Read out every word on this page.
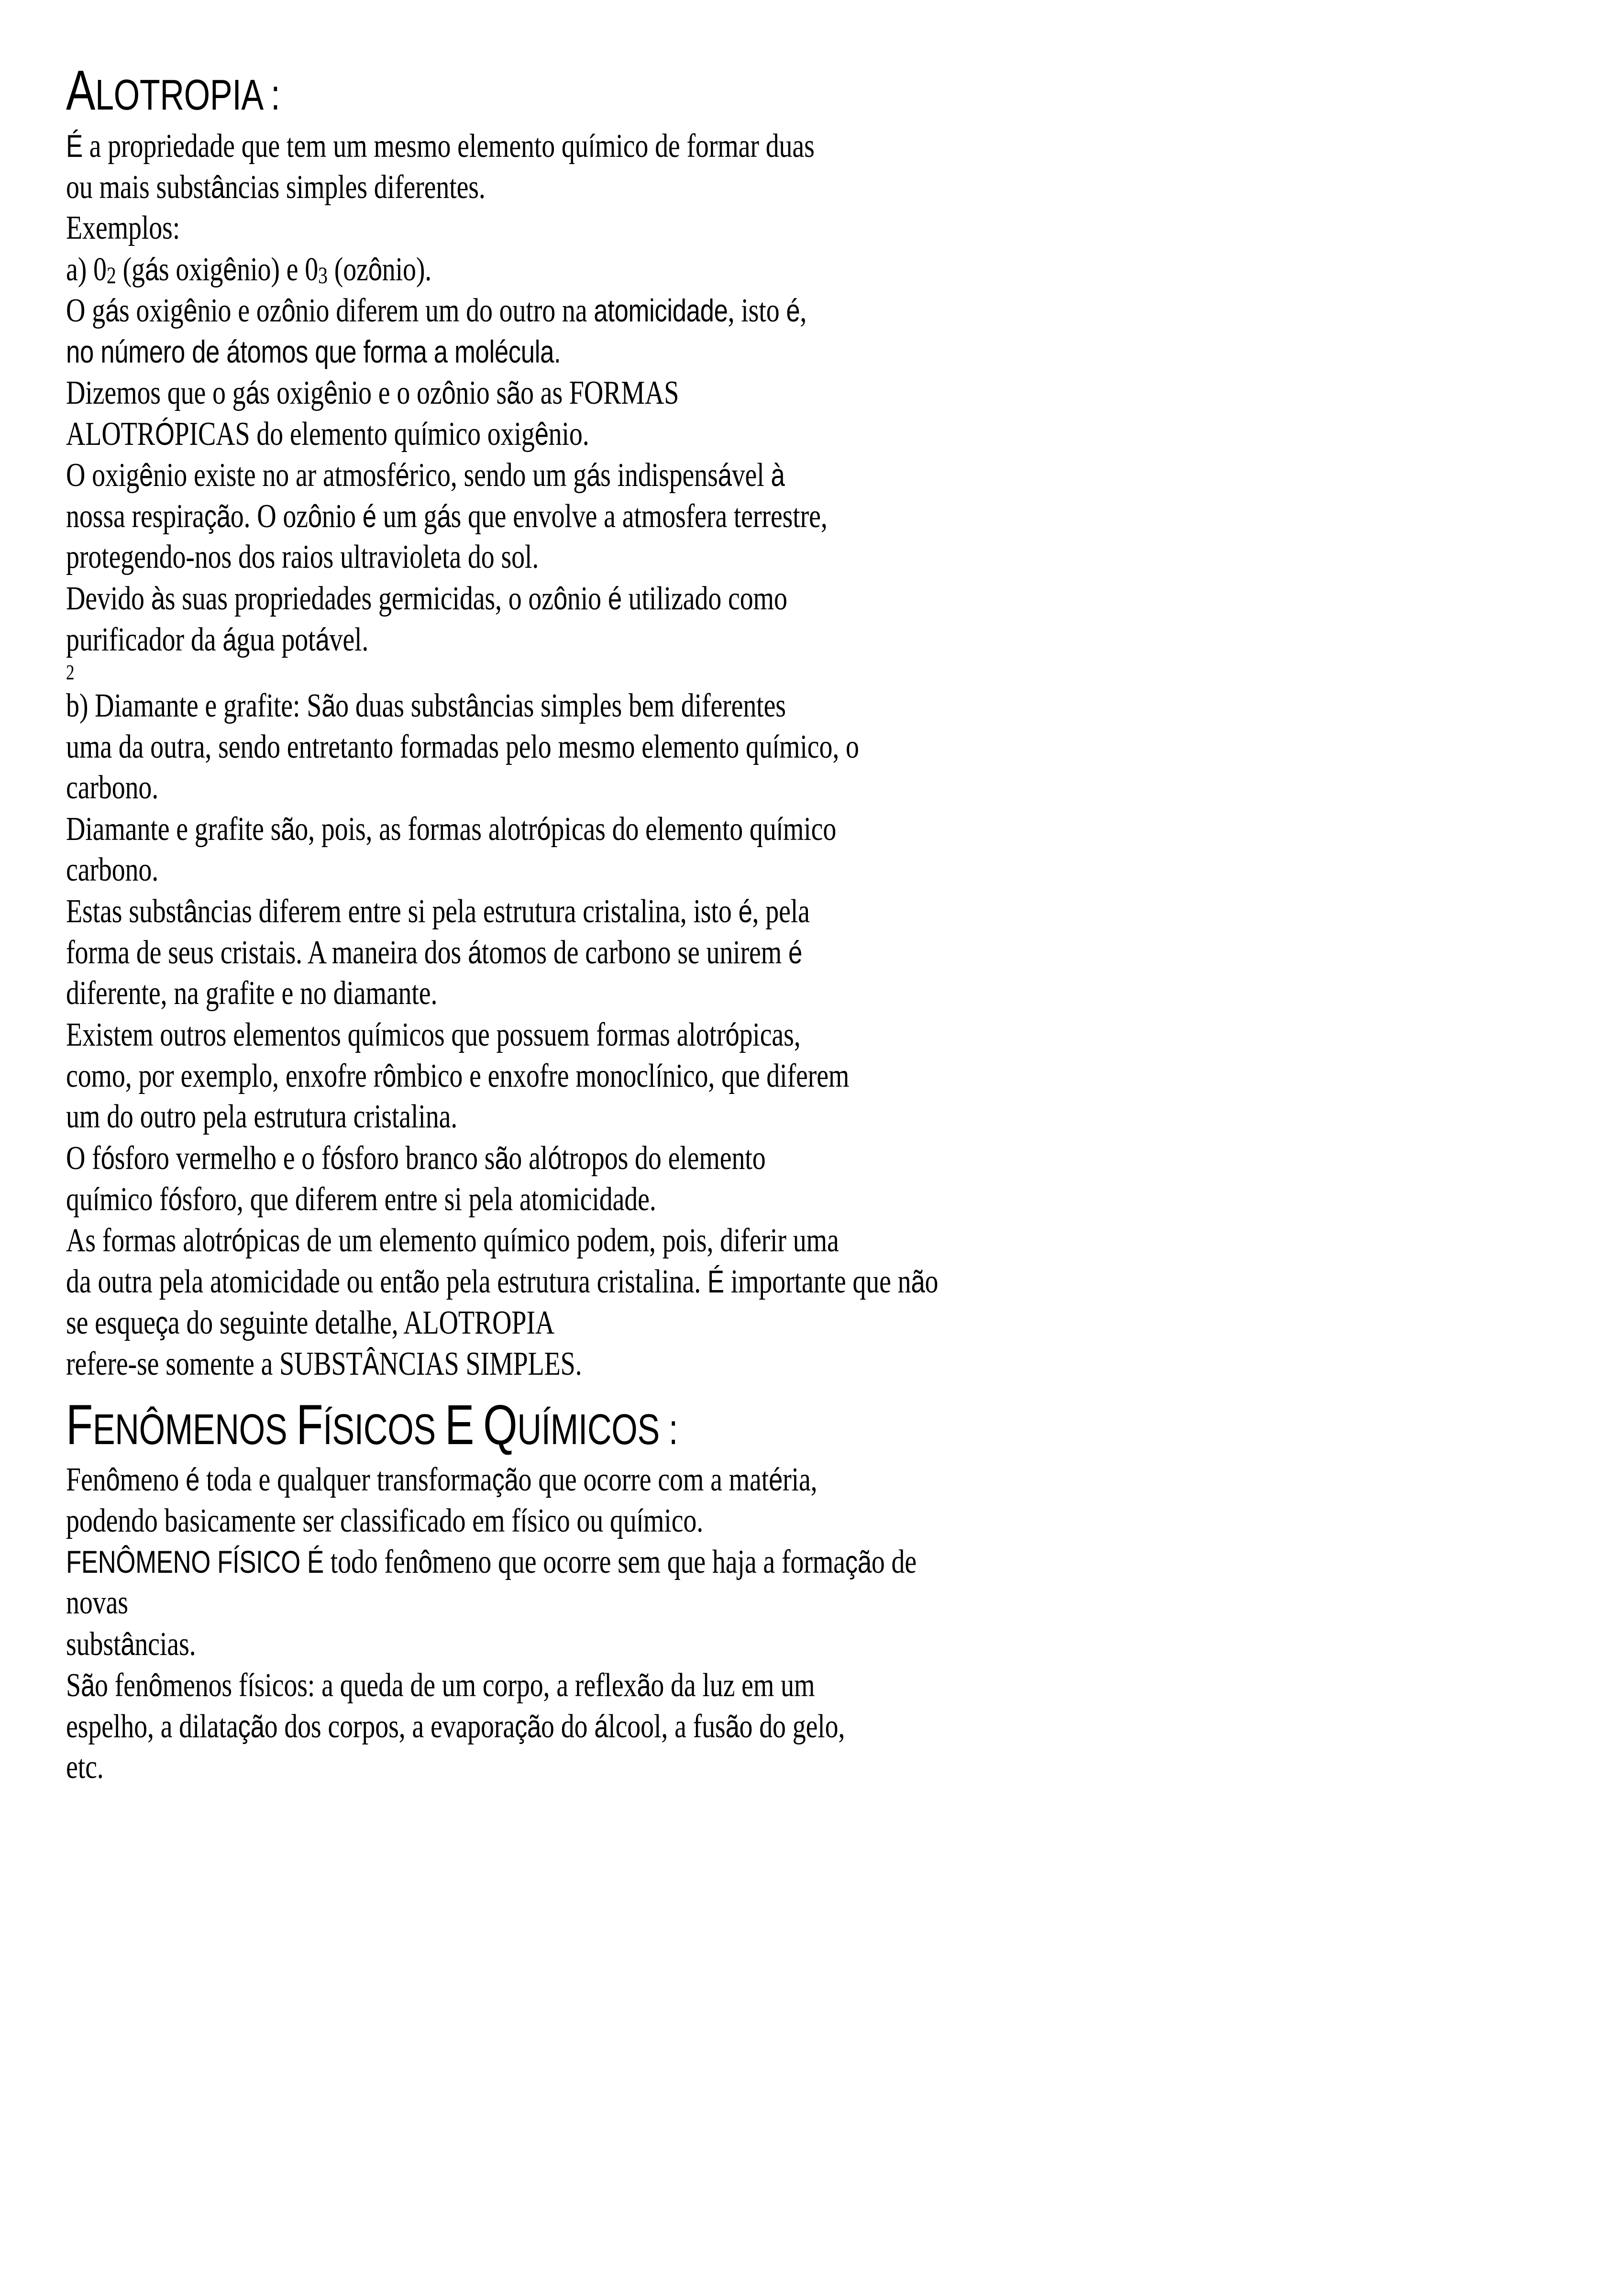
ALOTROPIA :

É a propriedade que tem um mesmo elemento químico de formar duas

ou mais substâncias simples diferentes.

Exemplos:

a) 02 (gás oxigênio) e 03 (ozônio).

O gás oxigênio e ozônio diferem um do outro na atomicidade, isto é,

no número de átomos que forma a molécula.

Dizemos que o gás oxigênio e o ozônio são as FORMAS

ALOTRÓPICAS do elemento químico oxigênio.

O oxigênio existe no ar atmosférico, sendo um gás indispensável à

nossa respiração. O ozônio é um gás que envolve a atmosfera terrestre,

protegendo-nos dos raios ultravioleta do sol.

Devido às suas propriedades germicidas, o ozônio é utilizado como

purificador da água potável.

2

b) Diamante e grafite: São duas substâncias simples bem diferentes

uma da outra, sendo entretanto formadas pelo mesmo elemento químico, o

carbono.

Diamante e grafite são, pois, as formas alotrópicas do elemento químico

carbono.

Estas substâncias diferem entre si pela estrutura cristalina, isto é, pela

forma de seus cristais. A maneira dos átomos de carbono se unirem é

diferente, na grafite e no diamante.

Existem outros elementos químicos que possuem formas alotrópicas,

como, por exemplo, enxofre rômbico e enxofre monoclínico, que diferem

um do outro pela estrutura cristalina.

O fósforo vermelho e o fósforo branco são alótropos do elemento

químico fósforo, que diferem entre si pela atomicidade.

As formas alotrópicas de um elemento químico podem, pois, diferir uma

da outra pela atomicidade ou então pela estrutura cristalina. É importante que não

se esqueça do seguinte detalhe, ALOTROPIA

refere-se somente a SUBSTÂNCIAS SIMPLES.

FENÔMENOS FÍSICOS E QUÍMICOS :

Fenômeno é toda e qualquer transformação que ocorre com a matéria,

podendo basicamente ser classificado em físico ou químico.

FENÔMENO FÍSICO É todo fenômeno que ocorre sem que haja a formação de

novas

substâncias.

São fenômenos físicos: a queda de um corpo, a reflexão da luz em um

espelho, a dilatação dos corpos, a evaporação do álcool, a fusão do gelo,

etc.
